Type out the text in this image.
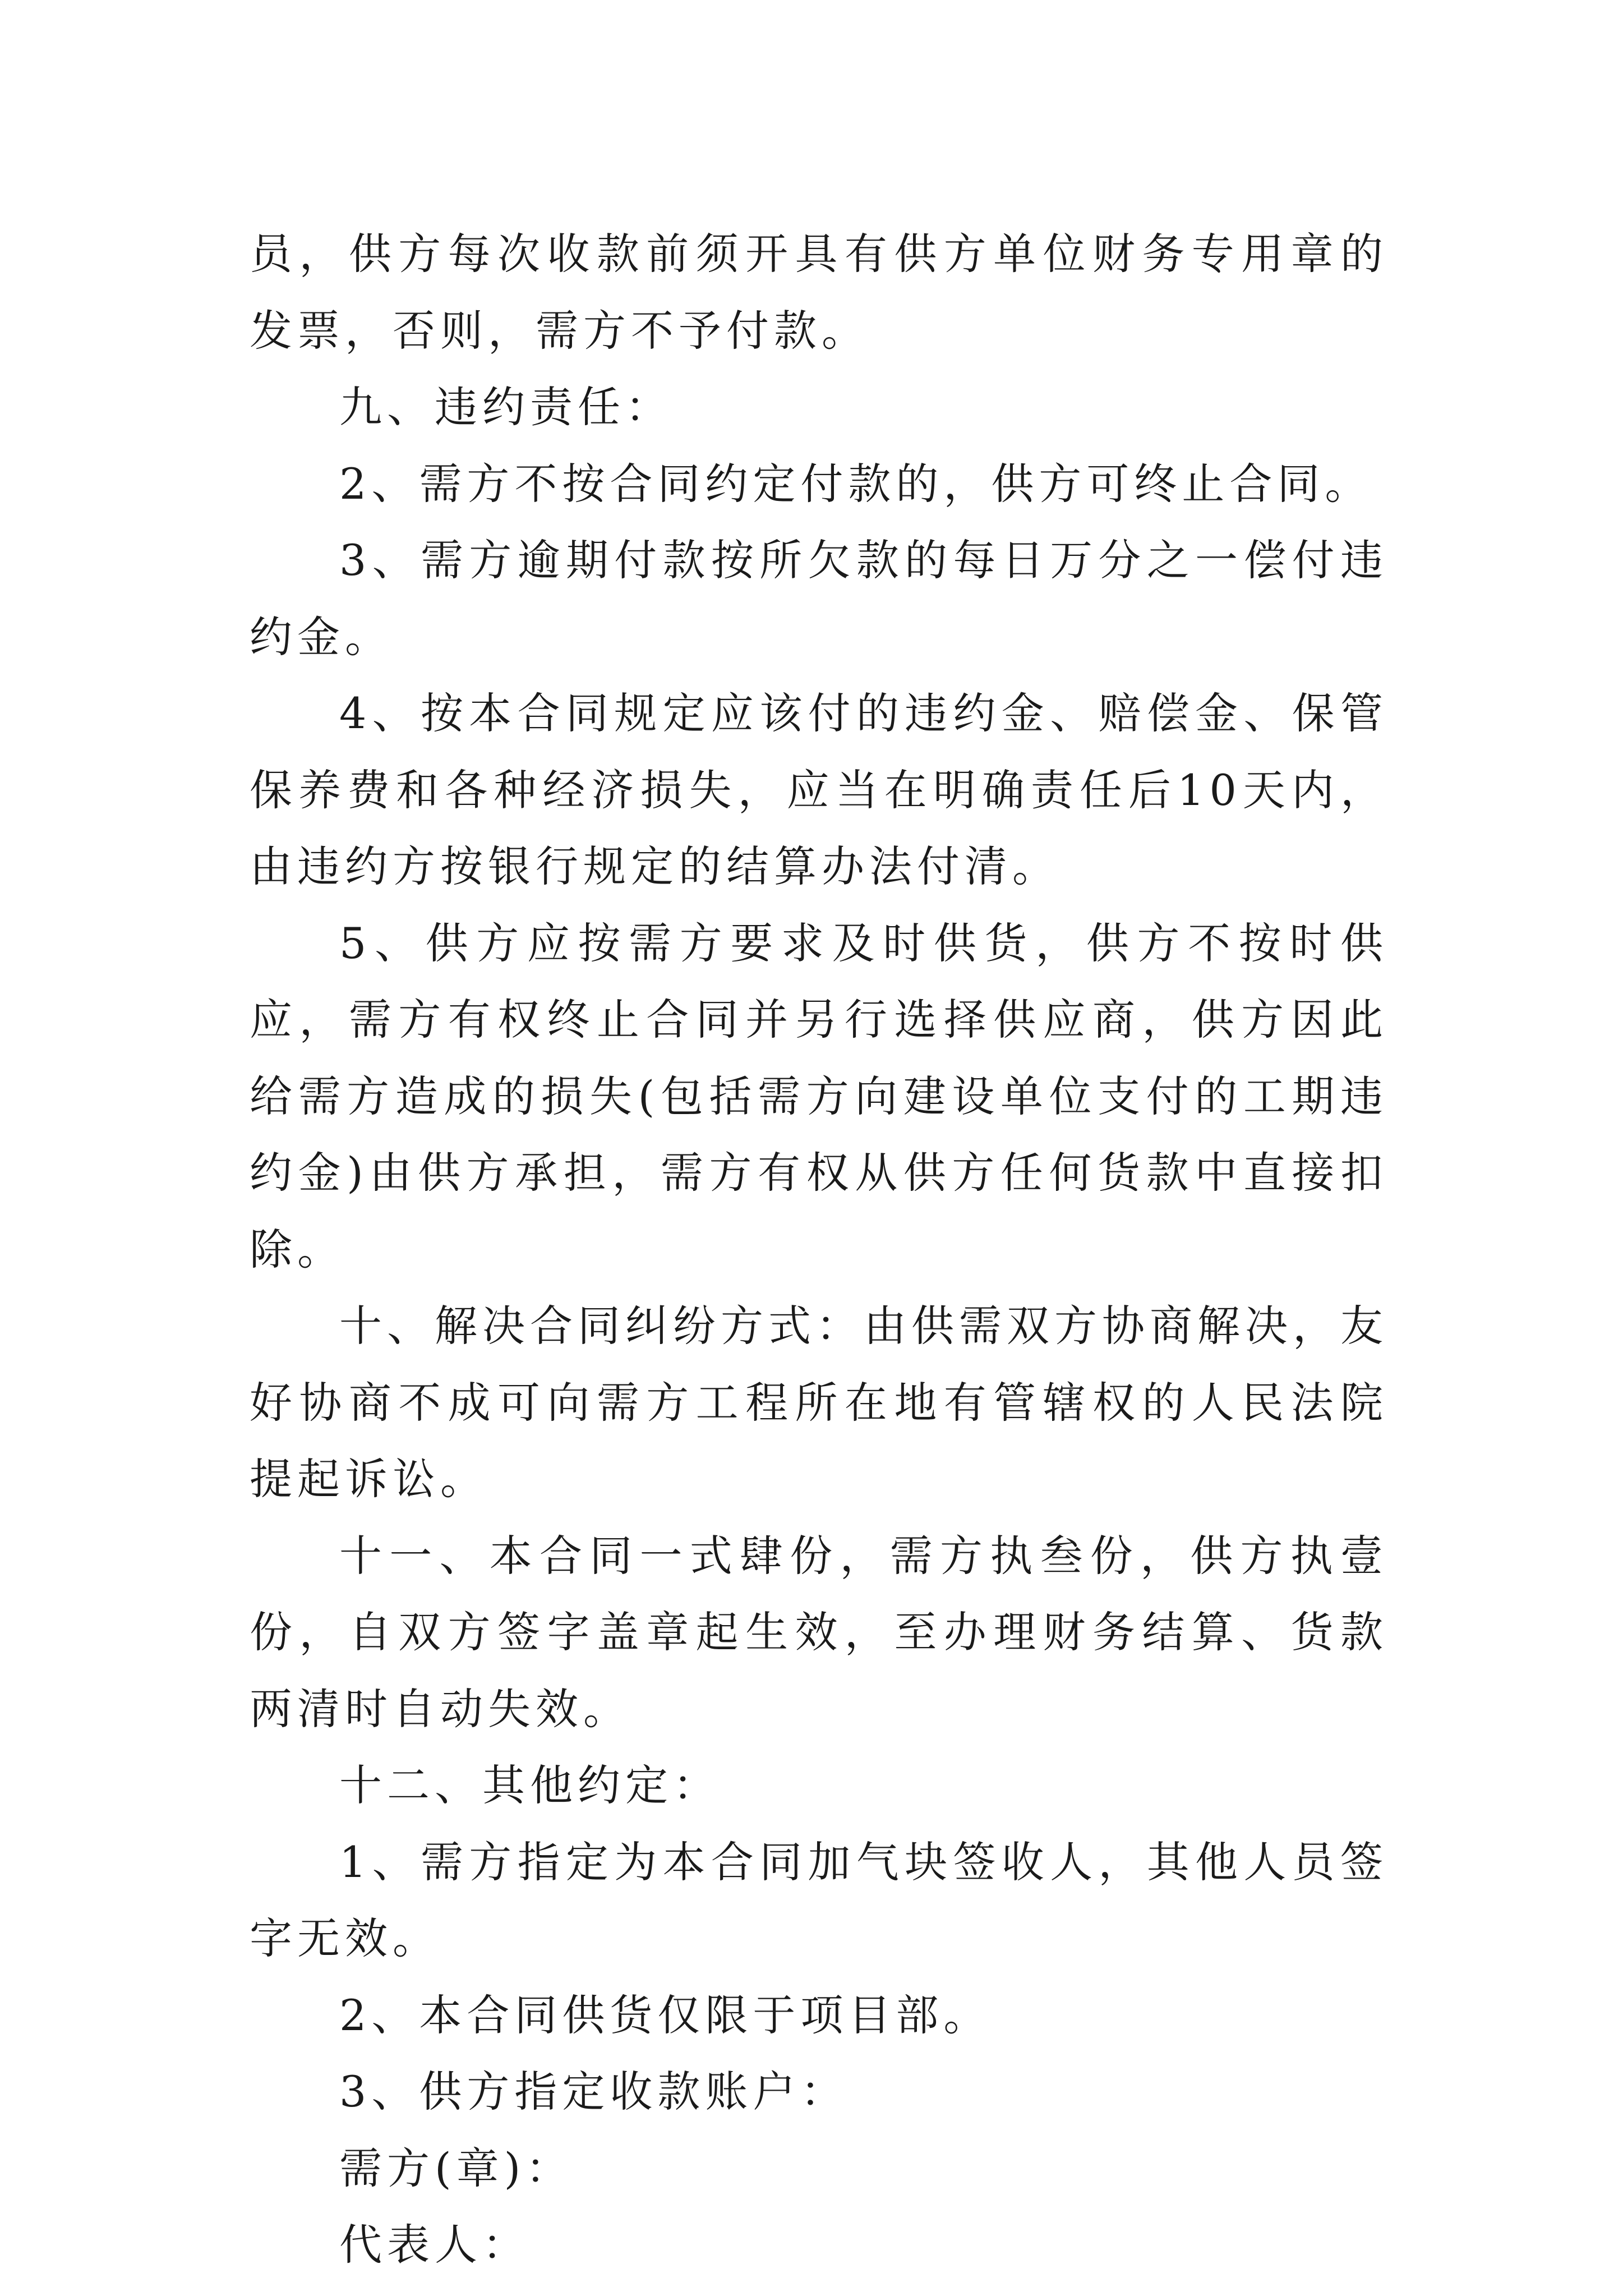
员，供方每次收款前须开具有供方单位财务专用章的发票，否则，需方不予付款。

九、违约责任：

2、需方不按合同约定付款的，供方可终止合同。

3、需方逾期付款按所欠款的每日万分之一偿付违约金。

4、按本合同规定应该付的违约金、赔偿金、保管保养费和各种经济损失，应当在明确责任后10天内，由违约方按银行规定的结算办法付清。

5、供方应按需方要求及时供货，供方不按时供应，需方有权终止合同并另行选择供应商，供方因此给需方造成的损失(包括需方向建设单位支付的工期违约金)由供方承担，需方有权从供方任何货款中直接扣除。

十、解决合同纠纷方式：由供需双方协商解决，友好协商不成可向需方工程所在地有管辖权的人民法院提起诉讼。

十一、本合同一式肆份，需方执叁份，供方执壹份，自双方签字盖章起生效，至办理财务结算、货款两清时自动失效。

十二、其他约定：

1、需方指定为本合同加气块签收人，其他人员签字无效。

2、本合同供货仅限于项目部。

3、供方指定收款账户：

需方(章)：

代表人：
